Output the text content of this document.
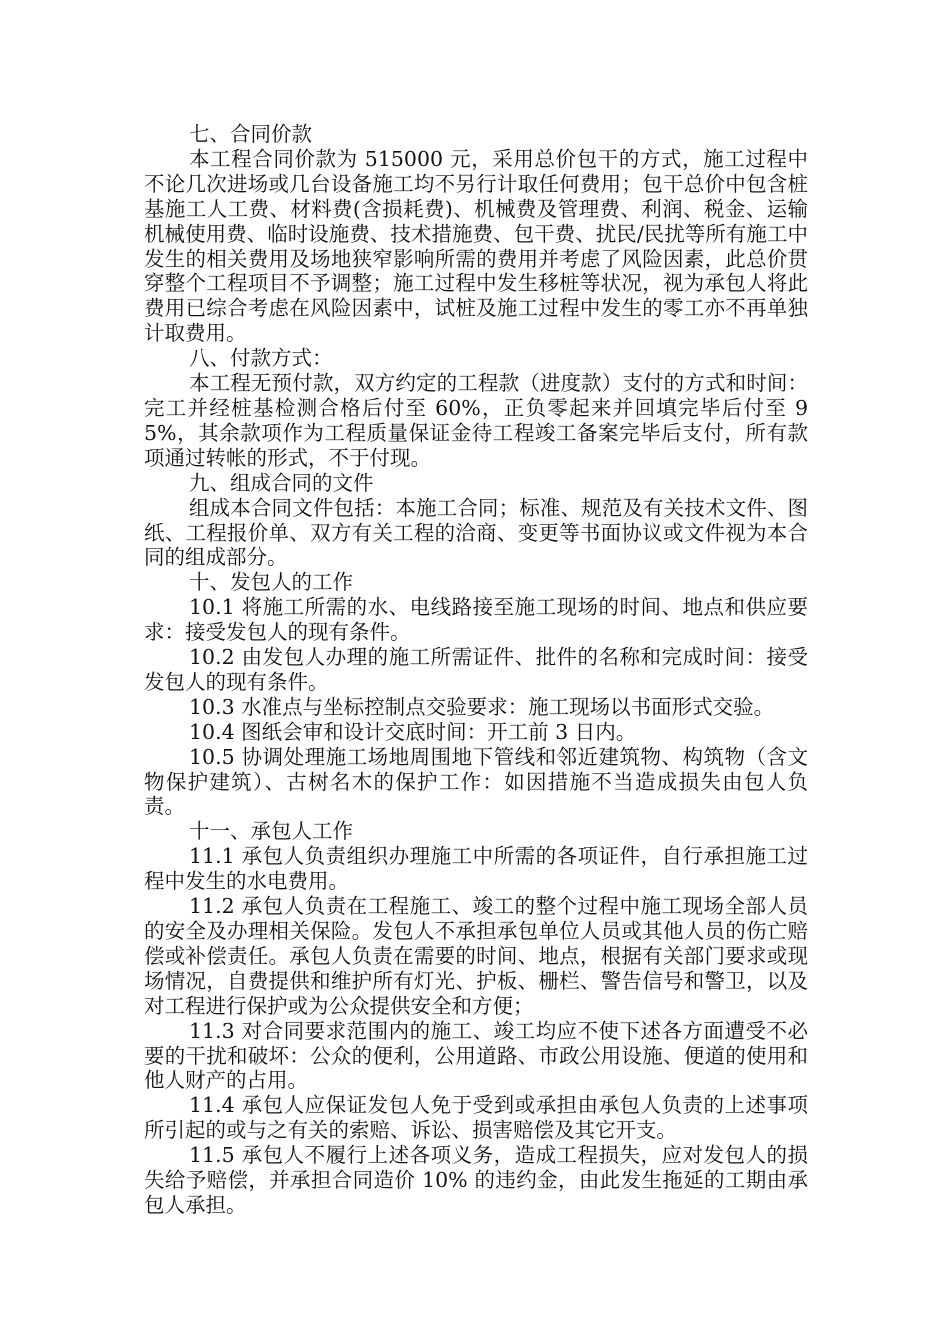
七、合同价款

本工程合同价款为 515000 元，采用总价包干的方式，施工过程中不论几次进场或几台设备施工均不另行计取任何费用；包干总价中包含桩基施工人工费、材料费(含损耗费)、机械费及管理费、利润、税金、运输机械使用费、临时设施费、技术措施费、包干费、扰民/民扰等所有施工中发生的相关费用及场地狭窄影响所需的费用并考虑了风险因素，此总价贯穿整个工程项目不予调整；施工过程中发生移桩等状况，视为承包人将此费用已综合考虑在风险因素中，试桩及施工过程中发生的零工亦不再单独计取费用。

八、付款方式：

本工程无预付款，双方约定的工程款（进度款）支付的方式和时间：完工并经桩基检测合格后付至 60%，正负零起来并回填完毕后付至 95%，其余款项作为工程质量保证金待工程竣工备案完毕后支付，所有款项通过转帐的形式，不于付现。

九、组成合同的文件

组成本合同文件包括：本施工合同；标准、规范及有关技术文件、图纸、工程报价单、双方有关工程的洽商、变更等书面协议或文件视为本合同的组成部分。

十、发包人的工作

10.1 将施工所需的水、电线路接至施工现场的时间、地点和供应要求：接受发包人的现有条件。

10.2 由发包人办理的施工所需证件、批件的名称和完成时间：接受发包人的现有条件。

10.3 水准点与坐标控制点交验要求：施工现场以书面形式交验。

10.4 图纸会审和设计交底时间：开工前 3 日内。

10.5 协调处理施工场地周围地下管线和邻近建筑物、构筑物（含文物保护建筑）、古树名木的保护工作：如因措施不当造成损失由包人负责。

十一、承包人工作

11.1 承包人负责组织办理施工中所需的各项证件，自行承担施工过程中发生的水电费用。

11.2 承包人负责在工程施工、竣工的整个过程中施工现场全部人员的安全及办理相关保险。发包人不承担承包单位人员或其他人员的伤亡赔偿或补偿责任。承包人负责在需要的时间、地点，根据有关部门要求或现场情况，自费提供和维护所有灯光、护板、栅栏、警告信号和警卫，以及对工程进行保护或为公众提供安全和方便；

11.3 对合同要求范围内的施工、竣工均应不使下述各方面遭受不必要的干扰和破坏：公众的便利，公用道路、市政公用设施、便道的使用和他人财产的占用。

11.4 承包人应保证发包人免于受到或承担由承包人负责的上述事项所引起的或与之有关的索赔、诉讼、损害赔偿及其它开支。

11.5 承包人不履行上述各项义务，造成工程损失，应对发包人的损失给予赔偿，并承担合同造价 10% 的违约金，由此发生拖延的工期由承包人承担。
